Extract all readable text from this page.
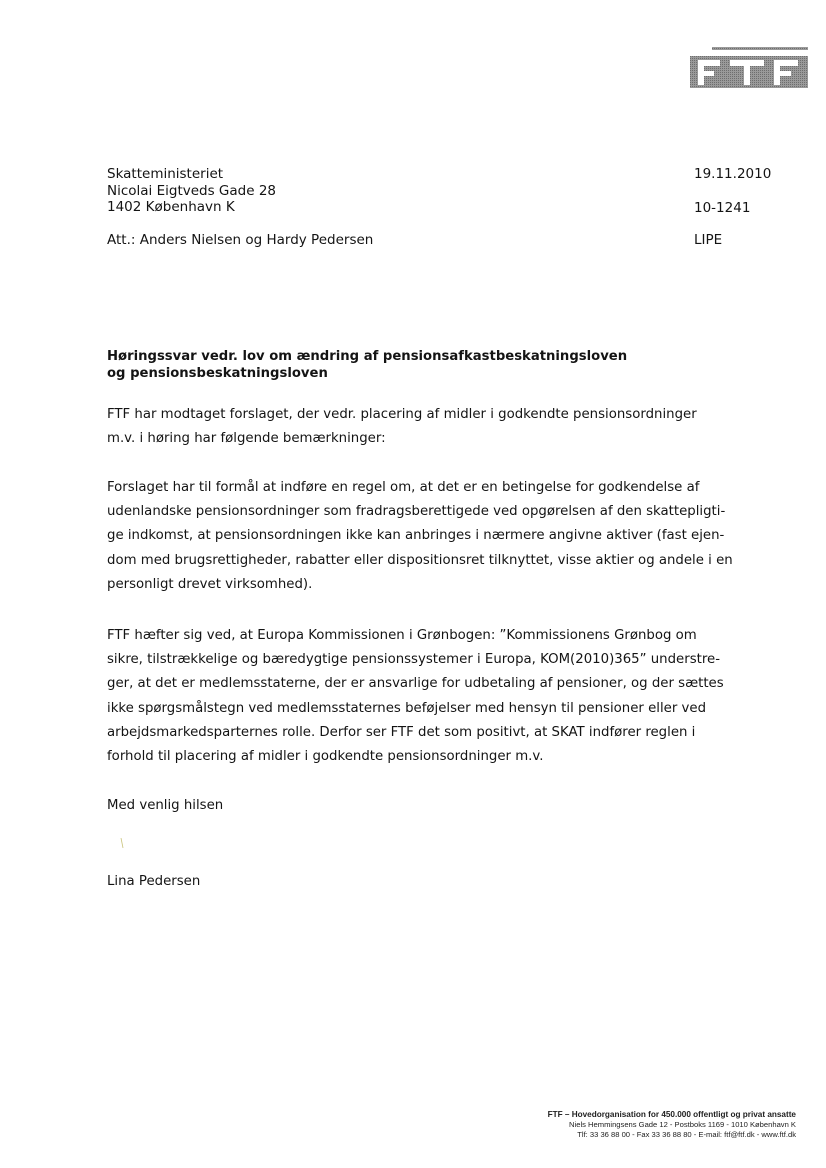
Skatteministeriet
Nicolai Eigtveds Gade 28
1402 København K
Att.: Anders Nielsen og Hardy Pedersen
19.11.2010
10-1241
LIPE
Høringssvar vedr. lov om ændring af pensionsafkastbeskatningsloven
og pensionsbeskatningsloven
FTF har modtaget forslaget, der vedr. placering af midler i godkendte pensionsordninger
m.v. i høring har følgende bemærkninger:
Forslaget har til formål at indføre en regel om, at det er en betingelse for godkendelse af
udenlandske pensionsordninger som fradragsberettigede ved opgørelsen af den skattepligti-
ge indkomst, at pensionsordningen ikke kan anbringes i nærmere angivne aktiver (fast ejen-
dom med brugsrettigheder, rabatter eller dispositionsret tilknyttet, visse aktier og andele i en
personligt drevet virksomhed).
FTF hæfter sig ved, at Europa Kommissionen i Grønbogen: ”Kommissionens Grønbog om
sikre, tilstrækkelige og bæredygtige pensionssystemer i Europa, KOM(2010)365” understre-
ger, at det er medlemsstaterne, der er ansvarlige for udbetaling af pensioner, og der sættes
ikke spørgsmålstegn ved medlemsstaternes beføjelser med hensyn til pensioner eller ved
arbejdsmarkedsparternes rolle. Derfor ser FTF det som positivt, at SKAT indfører reglen i
forhold til placering af midler i godkendte pensionsordninger m.v.
Med venlig hilsen
Lina Pedersen
FTF – Hovedorganisation for 450.000 offentligt og privat ansatte
Niels Hemmingsens Gade 12 - Postboks 1169 - 1010 København K
Tlf: 33 36 88 00 - Fax 33 36 88 80 - E-mail: ftf@ftf.dk - www.ftf.dk
